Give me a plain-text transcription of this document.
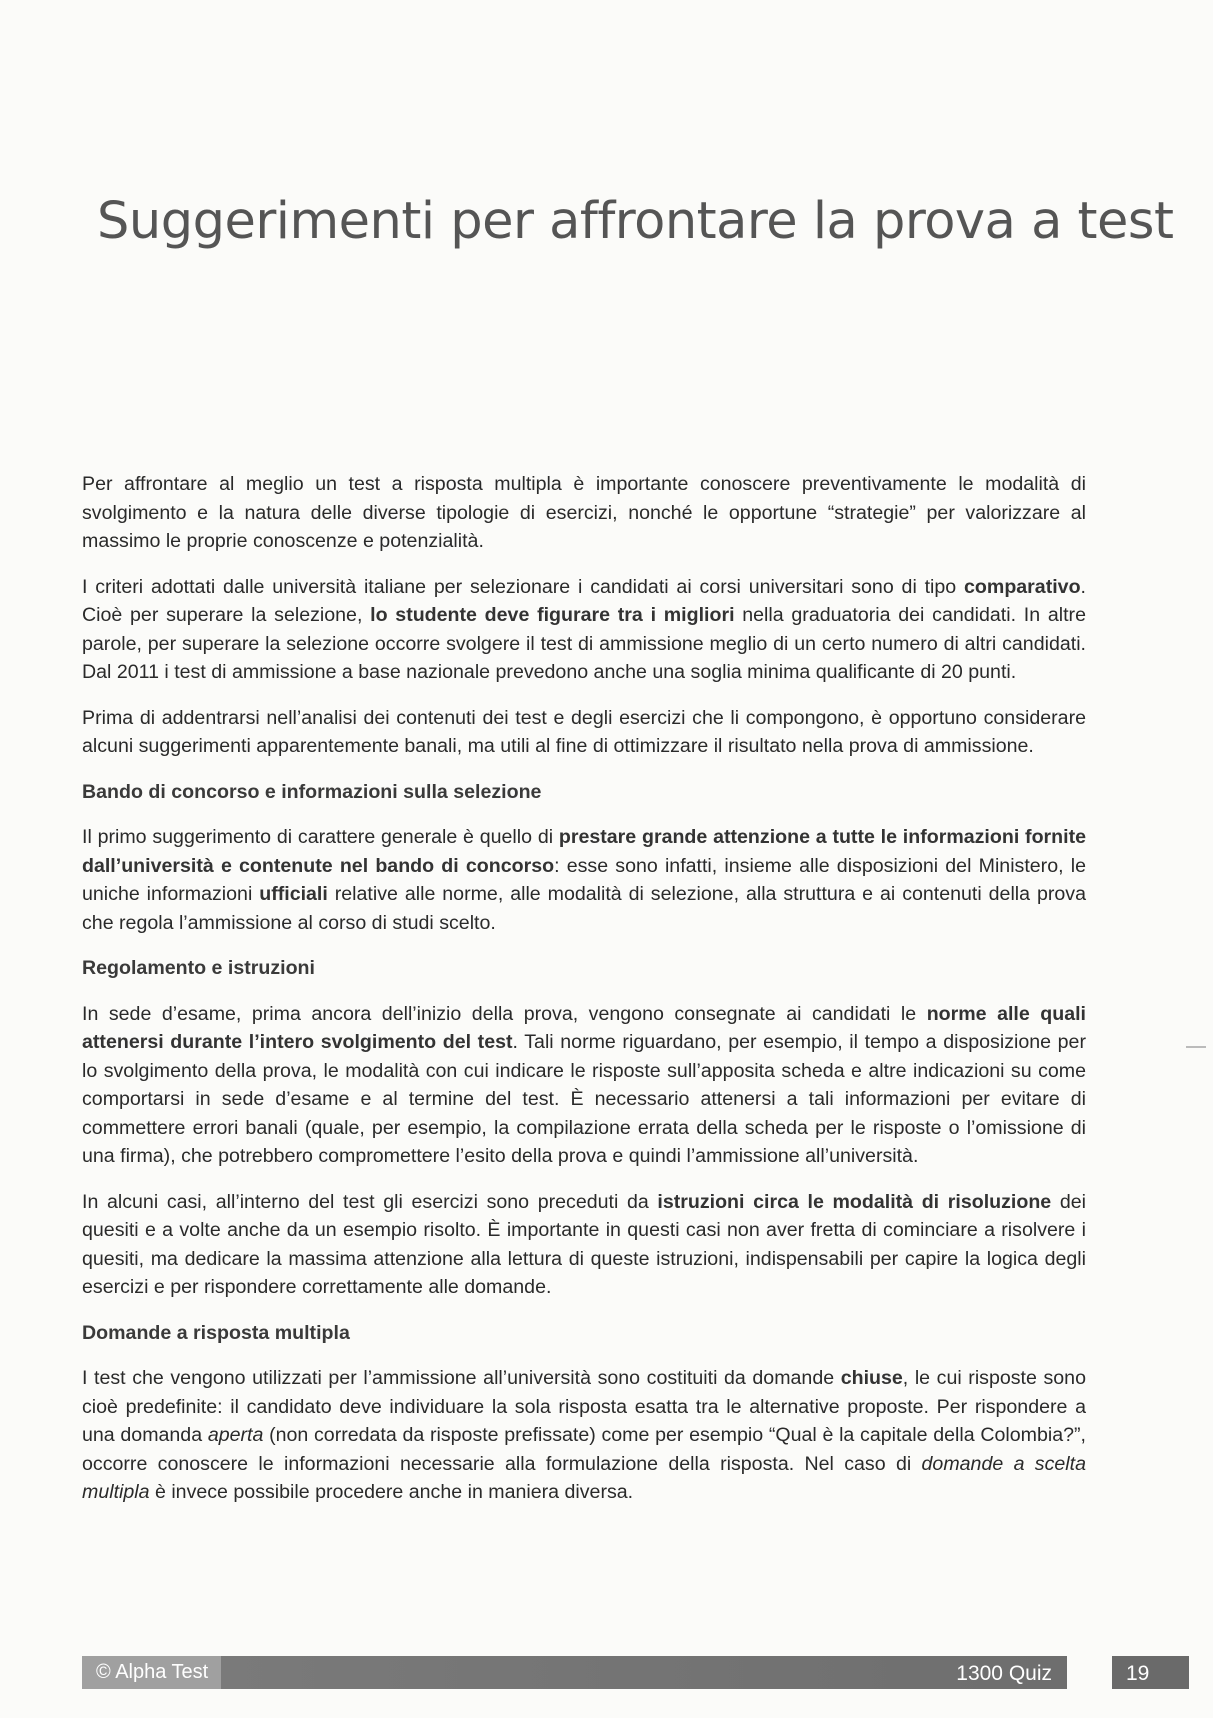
Suggerimenti per affrontare la prova a test

Per affrontare al meglio un test a risposta multipla è importante conoscere preventivamente le modalità di svolgimento e la natura delle diverse tipologie di esercizi, nonché le opportune “strategie” per valorizzare al massimo le proprie conoscenze e potenzialità.

I criteri adottati dalle università italiane per selezionare i candidati ai corsi universitari sono di tipo comparativo. Cioè per superare la selezione, lo studente deve figurare tra i migliori nella graduatoria dei candidati. In altre parole, per superare la selezione occorre svolgere il test di ammissione meglio di un certo numero di altri candidati. Dal 2011 i test di ammissione a base nazionale prevedono anche una soglia minima qualificante di 20 punti.

Prima di addentrarsi nell’analisi dei contenuti dei test e degli esercizi che li compongono, è opportuno considerare alcuni suggerimenti apparentemente banali, ma utili al fine di ottimizzare il risultato nella prova di ammissione.

Bando di concorso e informazioni sulla selezione

Il primo suggerimento di carattere generale è quello di prestare grande attenzione a tutte le informazioni fornite dall’università e contenute nel bando di concorso: esse sono infatti, insieme alle disposizioni del Ministero, le uniche informazioni ufficiali relative alle norme, alle modalità di selezione, alla struttura e ai contenuti della prova che regola l’ammissione al corso di studi scelto.

Regolamento e istruzioni

In sede d’esame, prima ancora dell’inizio della prova, vengono consegnate ai candidati le norme alle quali attenersi durante l’intero svolgimento del test. Tali norme riguardano, per esempio, il tempo a disposizione per lo svolgimento della prova, le modalità con cui indicare le risposte sull’apposita scheda e altre indicazioni su come comportarsi in sede d’esame e al termine del test. È necessario attenersi a tali informazioni per evitare di commettere errori banali (quale, per esempio, la compilazione errata della scheda per le risposte o l’omissione di una firma), che potrebbero compromettere l’esito della prova e quindi l’ammissione all’università.

In alcuni casi, all’interno del test gli esercizi sono preceduti da istruzioni circa le modalità di risoluzione dei quesiti e a volte anche da un esempio risolto. È importante in questi casi non aver fretta di cominciare a risolvere i quesiti, ma dedicare la massima attenzione alla lettura di queste istruzioni, indispensabili per capire la logica degli esercizi e per rispondere correttamente alle domande.

Domande a risposta multipla

I test che vengono utilizzati per l’ammissione all’università sono costituiti da domande chiuse, le cui risposte sono cioè predefinite: il candidato deve individuare la sola risposta esatta tra le alternative proposte. Per rispondere a una domanda aperta (non corredata da risposte prefissate) come per esempio “Qual è la capitale della Colombia?”, occorre conoscere le informazioni necessarie alla formulazione della risposta. Nel caso di domande a scelta multipla è invece possibile procedere anche in maniera diversa.

© Alpha Test	1300 Quiz	19
